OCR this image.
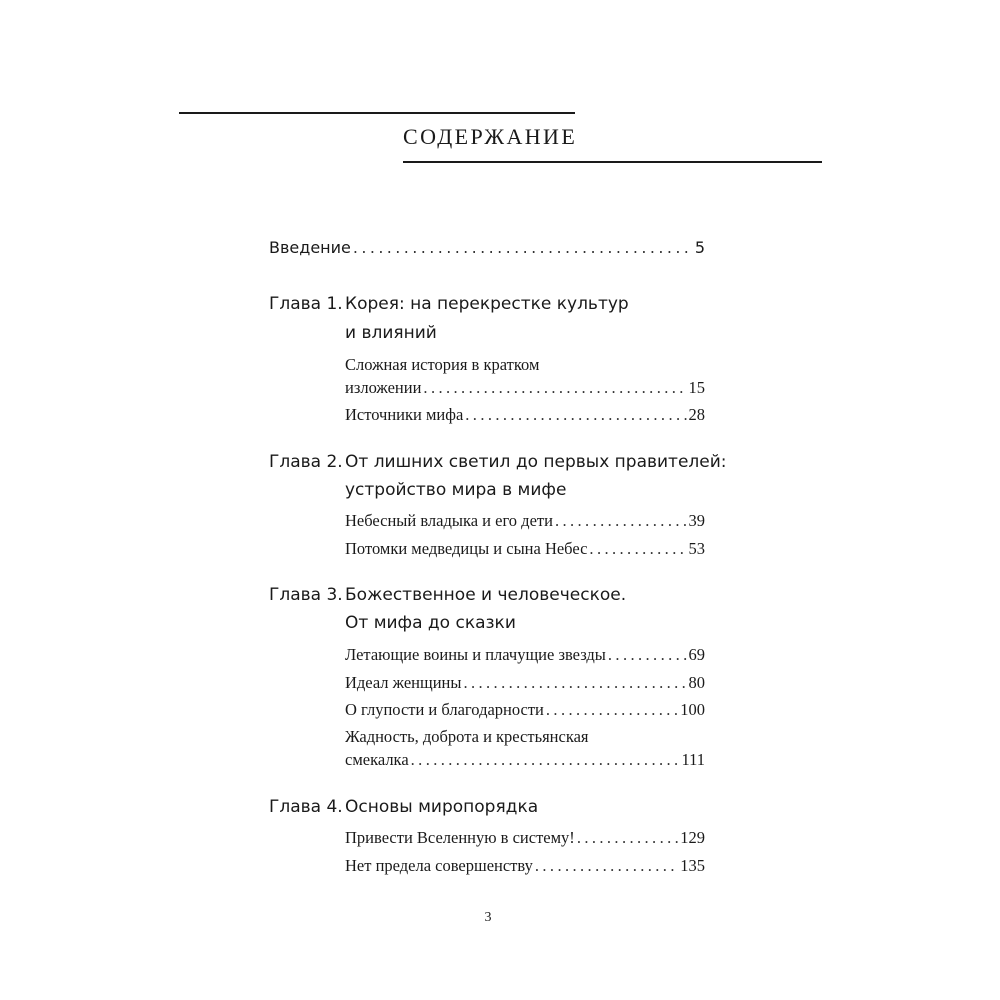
СОДЕРЖАНИЕ
Введение .....	5
Глава 1. Корея: на перекрестке культур
и влияний
Сложная история в кратком
изложении .....	15
Источники мифа .....	28
Глава 2. От лишних светил до первых правителей:
устройство мира в мифе
Небесный владыка и его дети .....	39
Потомки медведицы и сына Небес .....	53
Глава 3. Божественное и человеческое.
От мифа до сказки
Летающие воины и плачущие звезды .....	69
Идеал женщины .....	80
О глупости и благодарности .....	100
Жадность, доброта и крестьянская
смекалка .....	111
Глава 4. Основы миропорядка
Привести Вселенную в систему! .....	129
Нет предела совершенству .....	135
3
